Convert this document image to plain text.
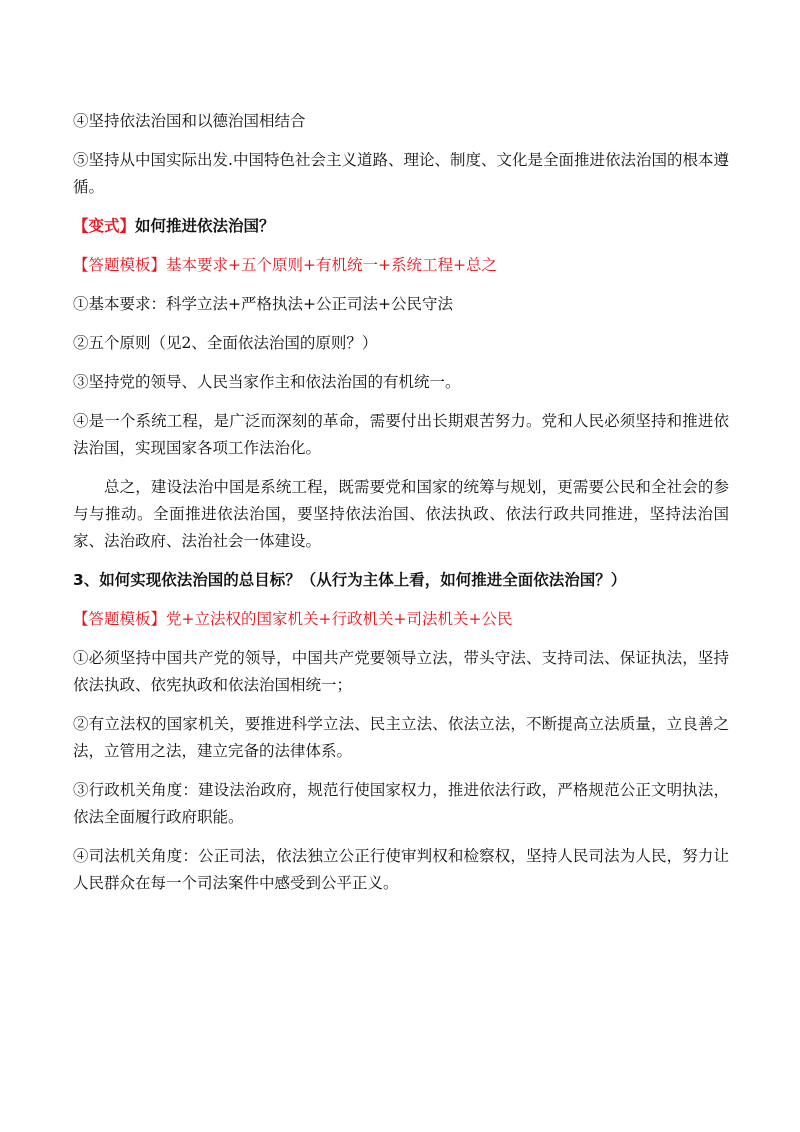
④坚持依法治国和以德治国相结合

⑤坚持从中国实际出发.中国特色社会主义道路、理论、制度、文化是全面推进依法治国的根本遵循。

【变式】如何推进依法治国？

【答题模板】基本要求+五个原则+有机统一+系统工程+总之

①基本要求：科学立法+严格执法+公正司法+公民守法

②五个原则（见2、全面依法治国的原则？）

③坚持党的领导、人民当家作主和依法治国的有机统一。

④是一个系统工程，是广泛而深刻的革命，需要付出长期艰苦努力。党和人民必须坚持和推进依法治国，实现国家各项工作法治化。

总之，建设法治中国是系统工程，既需要党和国家的统筹与规划，更需要公民和全社会的参与与推动。全面推进依法治国，要坚持依法治国、依法执政、依法行政共同推进，坚持法治国家、法治政府、法治社会一体建设。

3、如何实现依法治国的总目标？（从行为主体上看，如何推进全面依法治国？）

【答题模板】党+立法权的国家机关+行政机关+司法机关+公民

①必须坚持中国共产党的领导，中国共产党要领导立法，带头守法、支持司法、保证执法，坚持依法执政、依宪执政和依法治国相统一；

②有立法权的国家机关，要推进科学立法、民主立法、依法立法，不断提高立法质量，立良善之法，立管用之法，建立完备的法律体系。

③行政机关角度：建设法治政府，规范行使国家权力，推进依法行政，严格规范公正文明执法，依法全面履行政府职能。

④司法机关角度：公正司法，依法独立公正行使审判权和检察权，坚持人民司法为人民，努力让人民群众在每一个司法案件中感受到公平正义。
